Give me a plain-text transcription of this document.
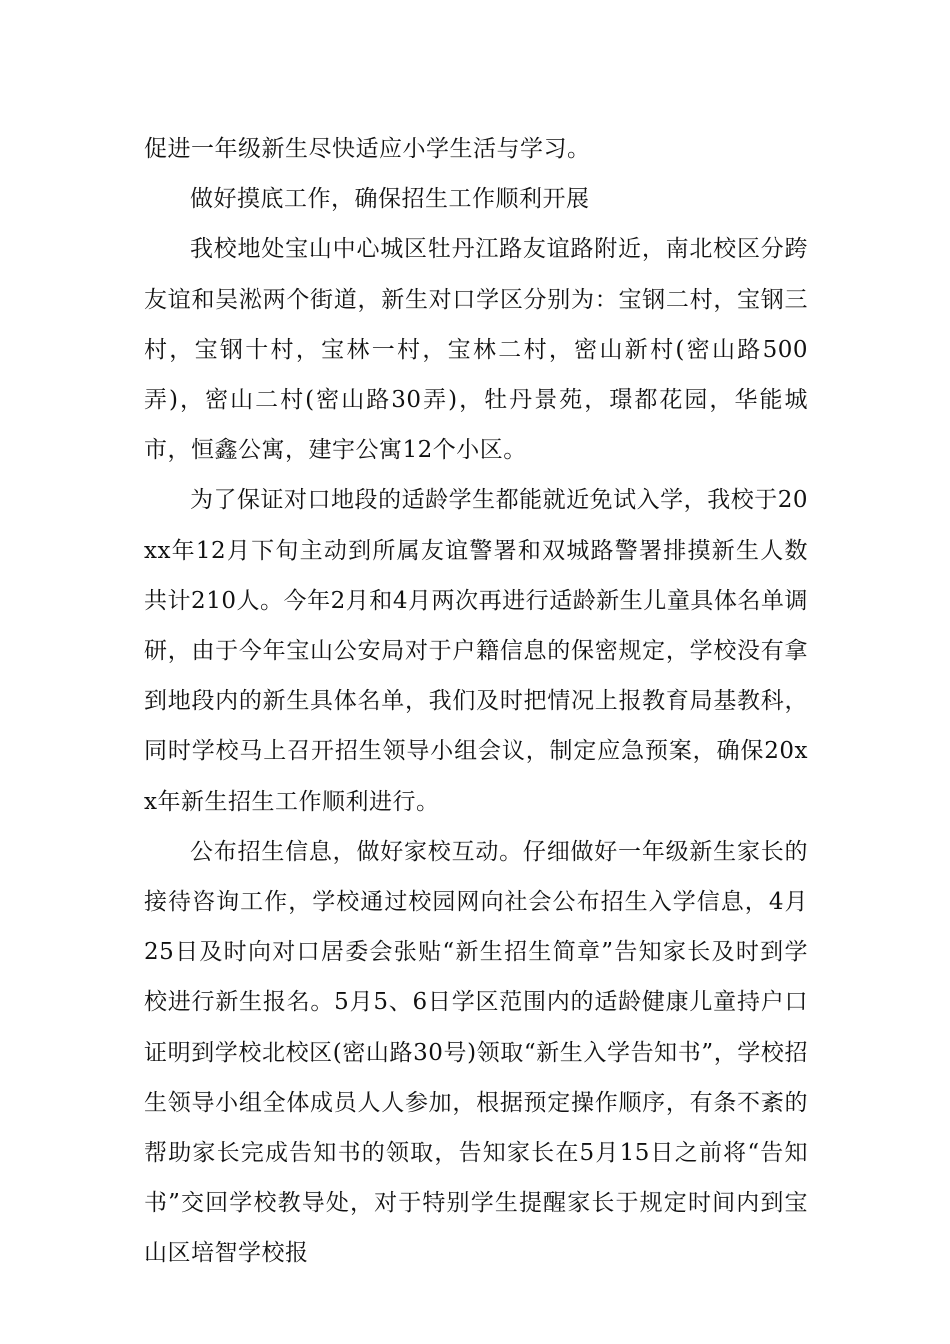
促进一年级新生尽快适应小学生活与学习。

做好摸底工作，确保招生工作顺利开展

我校地处宝山中心城区牡丹江路友谊路附近，南北校区分跨友谊和吴淞两个街道，新生对口学区分别为：宝钢二村，宝钢三村，宝钢十村，宝林一村，宝林二村，密山新村(密山路500弄)，密山二村(密山路30弄)，牡丹景苑，璟都花园，华能城市，恒鑫公寓，建宇公寓12个小区。

为了保证对口地段的适龄学生都能就近免试入学，我校于20xx年12月下旬主动到所属友谊警署和双城路警署排摸新生人数共计210人。今年2月和4月两次再进行适龄新生儿童具体名单调研，由于今年宝山公安局对于户籍信息的保密规定，学校没有拿到地段内的新生具体名单，我们及时把情况上报教育局基教科，同时学校马上召开招生领导小组会议，制定应急预案，确保20xx年新生招生工作顺利进行。

公布招生信息，做好家校互动。仔细做好一年级新生家长的接待咨询工作，学校通过校园网向社会公布招生入学信息，4月25日及时向对口居委会张贴“新生招生简章”告知家长及时到学校进行新生报名。5月5、6日学区范围内的适龄健康儿童持户口证明到学校北校区(密山路30号)领取“新生入学告知书”，学校招生领导小组全体成员人人参加，根据预定操作顺序，有条不紊的帮助家长完成告知书的领取，告知家长在5月15日之前将“告知书”交回学校教导处，对于特别学生提醒家长于规定时间内到宝山区培智学校报
